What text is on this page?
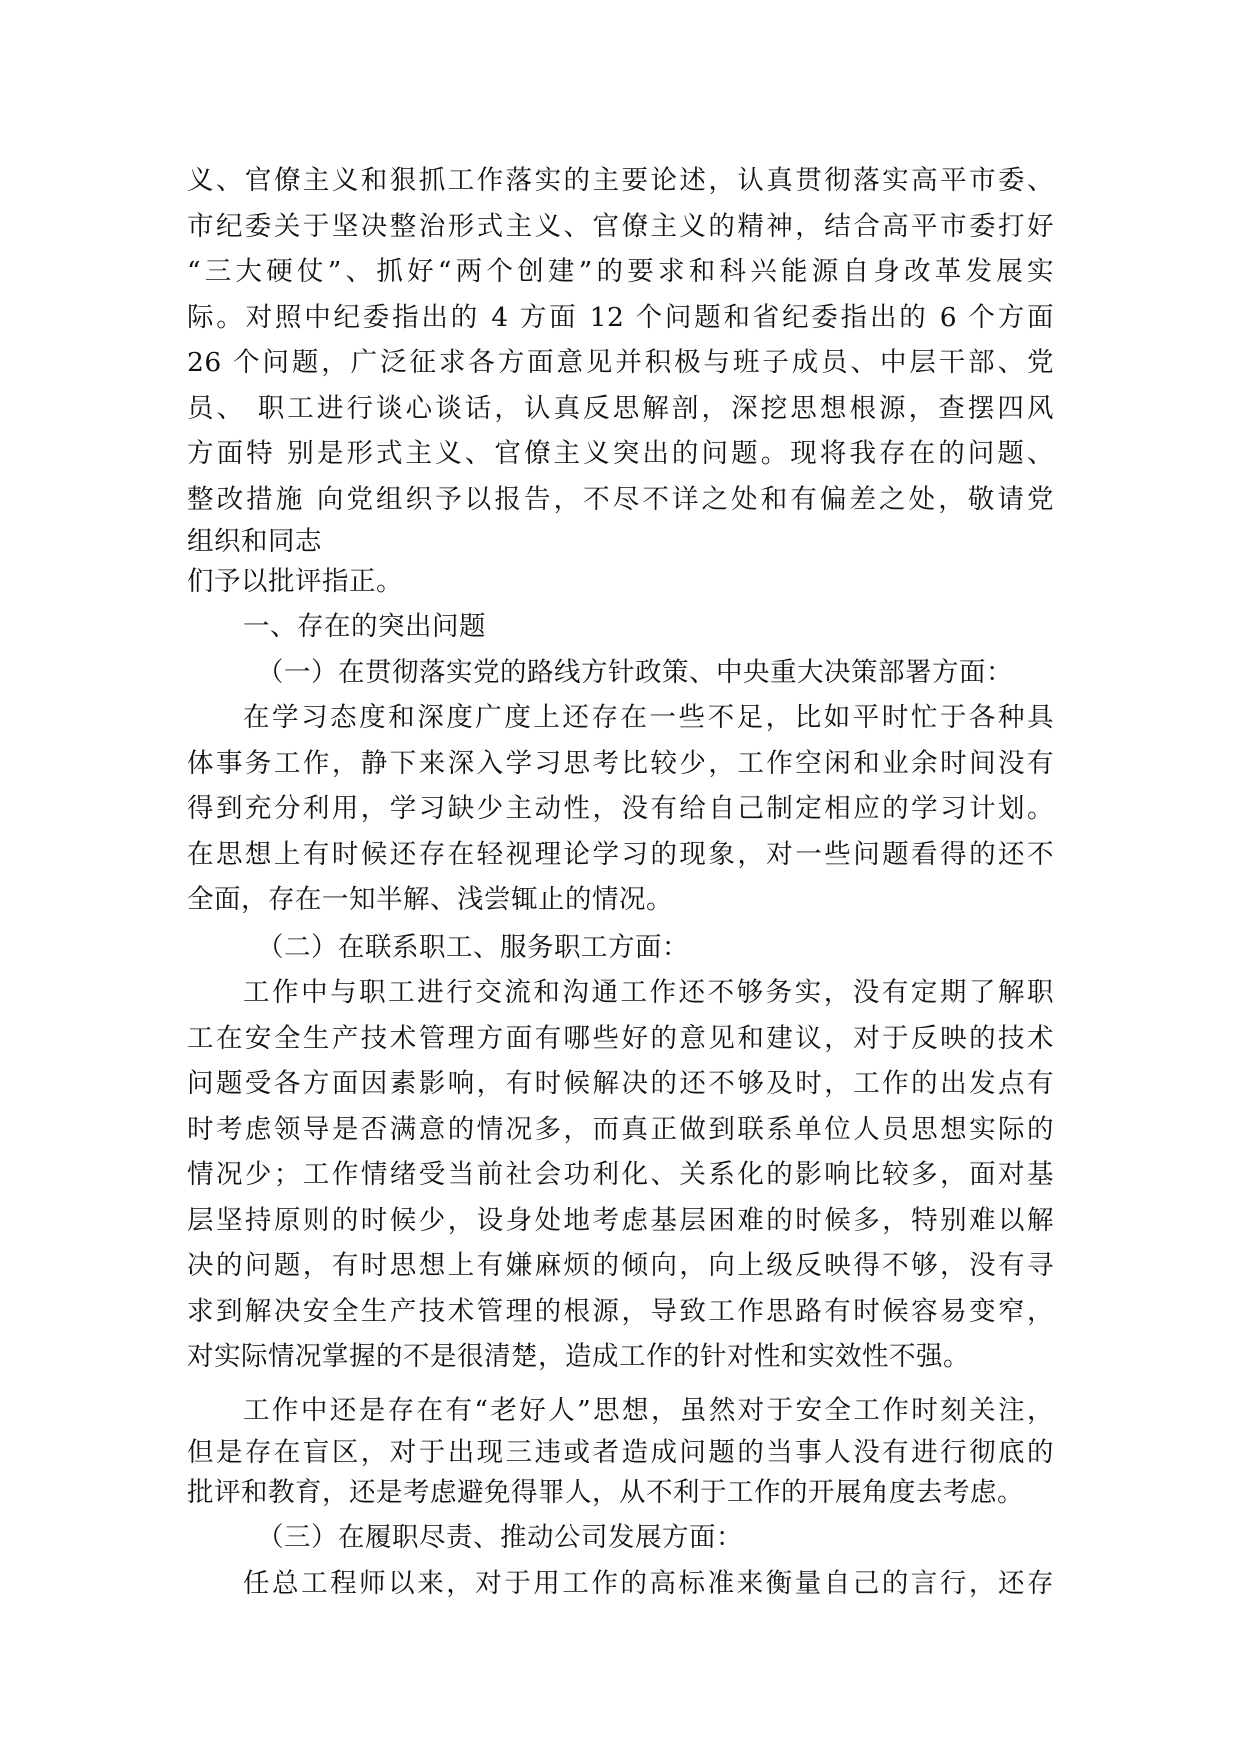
义、官僚主义和狠抓工作落实的主要论述，认真贯彻落实高平市委、
市纪委关于坚决整治形式主义、官僚主义的精神，结合高平市委打好
“三大硬仗”、抓好“两个创建”的要求和科兴能源自身改革发展实
际。对照中纪委指出的 4 方面 12 个问题和省纪委指出的 6 个方面
26 个问题，广泛征求各方面意见并积极与班子成员、中层干部、党
员、 职工进行谈心谈话，认真反思解剖，深挖思想根源，查摆四风
方面特 别是形式主义、官僚主义突出的问题。现将我存在的问题、
整改措施 向党组织予以报告，不尽不详之处和有偏差之处，敬请党
组织和同志
们予以批评指正。
一、存在的突出问题
（一）在贯彻落实党的路线方针政策、中央重大决策部署方面：
在学习态度和深度广度上还存在一些不足，比如平时忙于各种具
体事务工作，静下来深入学习思考比较少，工作空闲和业余时间没有
得到充分利用，学习缺少主动性，没有给自己制定相应的学习计划。
在思想上有时候还存在轻视理论学习的现象，对一些问题看得的还不
全面，存在一知半解、浅尝辄止的情况。
（二）在联系职工、服务职工方面：
工作中与职工进行交流和沟通工作还不够务实，没有定期了解职
工在安全生产技术管理方面有哪些好的意见和建议，对于反映的技术
问题受各方面因素影响，有时候解决的还不够及时，工作的出发点有
时考虑领导是否满意的情况多，而真正做到联系单位人员思想实际的
情况少；工作情绪受当前社会功利化、关系化的影响比较多，面对基
层坚持原则的时候少，设身处地考虑基层困难的时候多，特别难以解
决的问题，有时思想上有嫌麻烦的倾向，向上级反映得不够，没有寻
求到解决安全生产技术管理的根源，导致工作思路有时候容易变窄，
对实际情况掌握的不是很清楚，造成工作的针对性和实效性不强。
工作中还是存在有“老好人”思想，虽然对于安全工作时刻关注，
但是存在盲区，对于出现三违或者造成问题的当事人没有进行彻底的
批评和教育，还是考虑避免得罪人，从不利于工作的开展角度去考虑。
（三）在履职尽责、推动公司发展方面：
任总工程师以来，对于用工作的高标准来衡量自己的言行，还存
